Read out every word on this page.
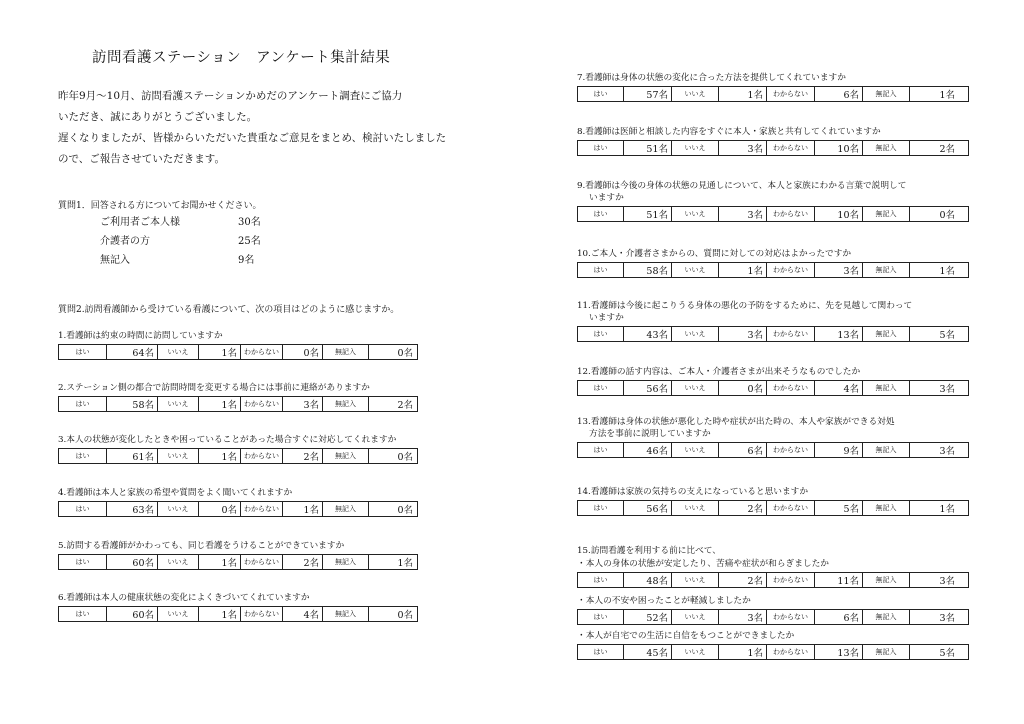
訪問看護ステーション　アンケート集計結果

昨年9月～10月、訪問看護ステーションかめだのアンケート調査にご協力

いただき、誠にありがとうございました。

遅くなりましたが、皆様からいただいた貴重なご意見をまとめ、検討いたしました

ので、ご報告させていただきます。

質問1．回答される方についてお聞かせください。
ご利用者ご本人様	30名
介護者の方	25名
無記入	9名
質問2.訪問看護師から受けている看護について、次の項目はどのように感じますか。
1.看護師は約束の時間に訪問していますか
はい	64名	いいえ	1名	わからない	0名	無記入	0名
2.ステーション側の都合で訪問時間を変更する場合には事前に連絡がありますか
はい	58名	いいえ	1名	わからない	3名	無記入	2名
3.本人の状態が変化したときや困っていることがあった場合すぐに対応してくれますか
はい	61名	いいえ	1名	わからない	2名	無記入	0名
4.看護師は本人と家族の希望や質問をよく聞いてくれますか
はい	63名	いいえ	0名	わからない	1名	無記入	0名
5.訪問する看護師がかわっても、同じ看護をうけることができていますか
はい	60名	いいえ	1名	わからない	2名	無記入	1名
6.看護師は本人の健康状態の変化によくきづいてくれていますか
はい	60名	いいえ	1名	わからない	4名	無記入	0名
7.看護師は身体の状態の変化に合った方法を提供してくれていますか
はい	57名	いいえ	1名	わからない	6名	無記入	1名
8.看護師は医師と相談した内容をすぐに本人・家族と共有してくれていますか
はい	51名	いいえ	3名	わからない	10名	無記入	2名
9.看護師は今後の身体の状態の見通しについて、本人と家族にわかる言葉で説明して
いますか
はい	51名	いいえ	3名	わからない	10名	無記入	0名
10.ご本人・介護者さまからの、質問に対しての対応はよかったですか
はい	58名	いいえ	1名	わからない	3名	無記入	1名
11.看護師は今後に起こりうる身体の悪化の予防をするために、先を見越して関わって
いますか
はい	43名	いいえ	3名	わからない	13名	無記入	5名
12.看護師の話す内容は、ご本人・介護者さまが出来そうなものでしたか
はい	56名	いいえ	0名	わからない	4名	無記入	3名
13.看護師は身体の状態が悪化した時や症状が出た時の、本人や家族ができる対処
方法を事前に説明していますか
はい	46名	いいえ	6名	わからない	9名	無記入	3名
14.看護師は家族の気持ちの支えになっていると思いますか
はい	56名	いいえ	2名	わからない	5名	無記入	1名
15.訪問看護を利用する前に比べて、
・本人の身体の状態が安定したり、苦痛や症状が和らぎましたか
はい	48名	いいえ	2名	わからない	11名	無記入	3名
・本人の不安や困ったことが軽減しましたか
はい	52名	いいえ	3名	わからない	6名	無記入	3名
・本人が自宅での生活に自信をもつことができましたか
はい	45名	いいえ	1名	わからない	13名	無記入	5名
